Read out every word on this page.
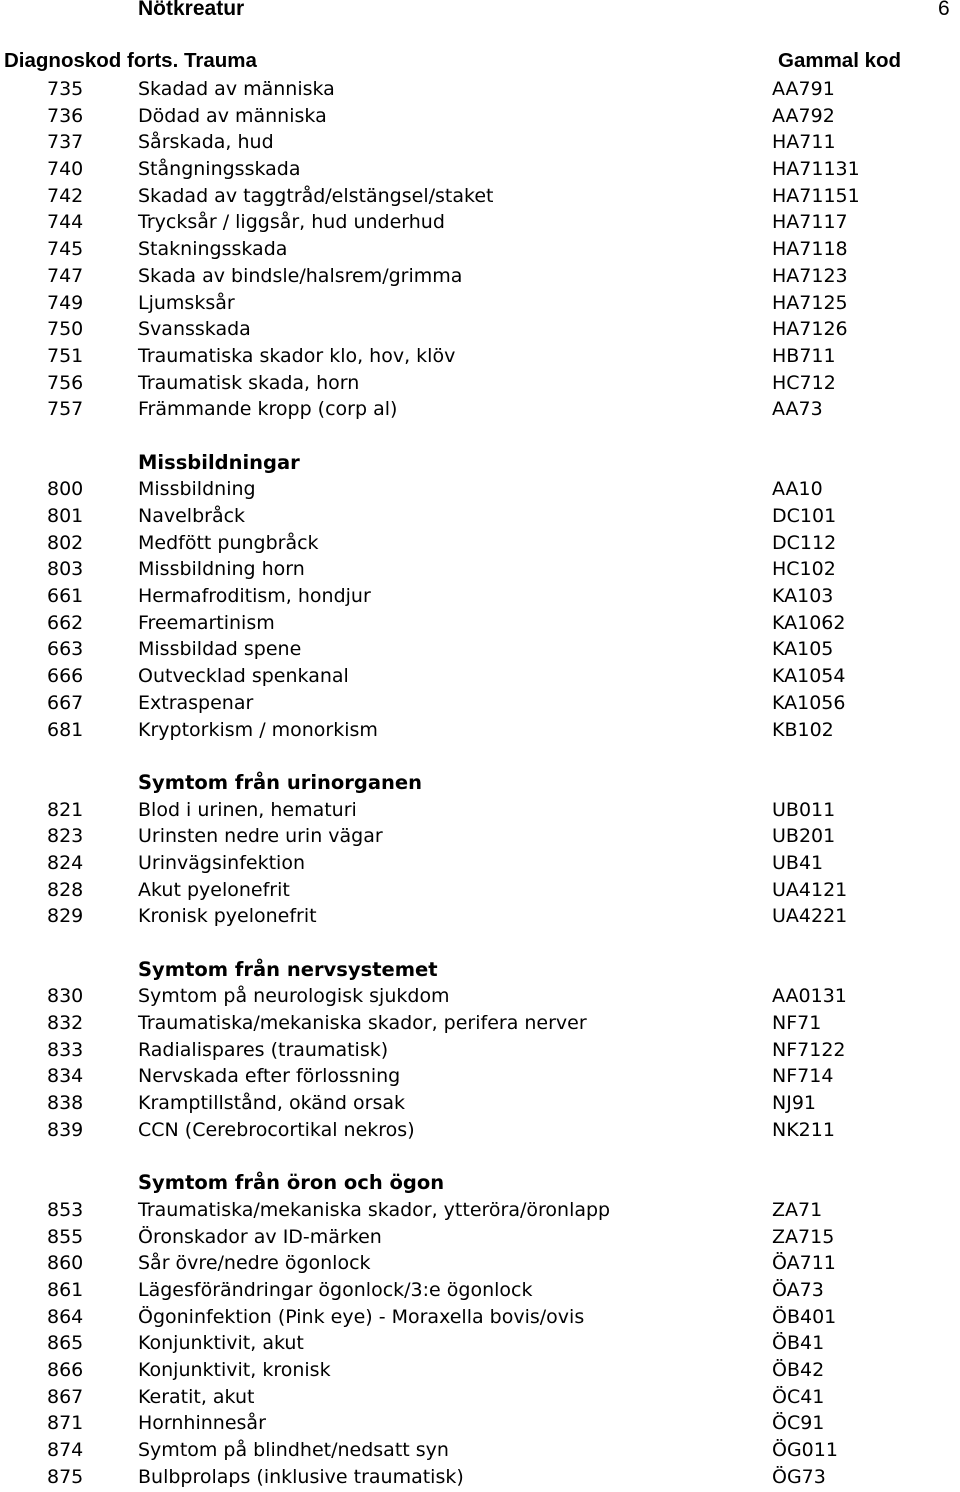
Nötkreatur	6
Diagnoskod forts. Trauma	Gammal kod
735	Skadad av människa	AA791
736	Dödad av människa	AA792
737	Sårskada, hud	HA711
740	Stångningsskada	HA71131
742	Skadad av taggtråd/elstängsel/staket	HA71151
744	Trycksår / liggsår, hud underhud	HA7117
745	Stakningsskada	HA7118
747	Skada av bindsle/halsrem/grimma	HA7123
749	Ljumsksår	HA7125
750	Svansskada	HA7126
751	Traumatiska skador klo, hov, klöv	HB711
756	Traumatisk skada, horn	HC712
757	Främmande kropp (corp al)	AA73
Missbildningar
800	Missbildning	AA10
801	Navelbråck	DC101
802	Medfött pungbråck	DC112
803	Missbildning horn	HC102
661	Hermafroditism, hondjur	KA103
662	Freemartinism	KA1062
663	Missbildad spene	KA105
666	Outvecklad spenkanal	KA1054
667	Extraspenar	KA1056
681	Kryptorkism / monorkism	KB102
Symtom från urinorganen
821	Blod i urinen, hematuri	UB011
823	Urinsten nedre urin vägar	UB201
824	Urinvägsinfektion	UB41
828	Akut pyelonefrit	UA4121
829	Kronisk pyelonefrit	UA4221
Symtom från nervsystemet
830	Symtom på neurologisk sjukdom	AA0131
832	Traumatiska/mekaniska skador, perifera nerver	NF71
833	Radialispares (traumatisk)	NF7122
834	Nervskada efter förlossning	NF714
838	Kramptillstånd, okänd orsak	NJ91
839	CCN (Cerebrocortikal nekros)	NK211
Symtom från öron och ögon
853	Traumatiska/mekaniska skador, ytteröra/öronlapp	ZA71
855	Öronskador av ID-märken	ZA715
860	Sår övre/nedre ögonlock	ÖA711
861	Lägesförändringar ögonlock/3:e ögonlock	ÖA73
864	Ögoninfektion (Pink eye) - Moraxella bovis/ovis	ÖB401
865	Konjunktivit, akut	ÖB41
866	Konjunktivit, kronisk	ÖB42
867	Keratit, akut	ÖC41
871	Hornhinnesår	ÖC91
874	Symtom på blindhet/nedsatt syn	ÖG011
875	Bulbprolaps (inklusive traumatisk)	ÖG73
